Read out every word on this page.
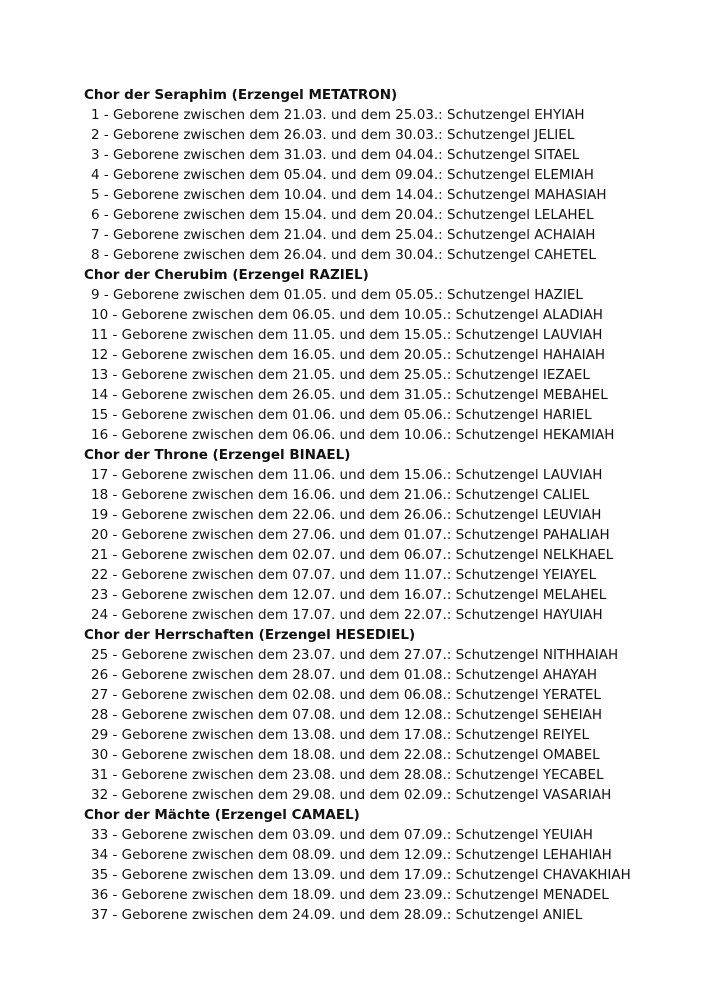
Chor der Seraphim (Erzengel METATRON)
1 - Geborene zwischen dem 21.03. und dem 25.03.: Schutzengel EHYIAH
2 - Geborene zwischen dem 26.03. und dem 30.03.: Schutzengel JELIEL
3 - Geborene zwischen dem 31.03. und dem 04.04.: Schutzengel SITAEL
4 - Geborene zwischen dem 05.04. und dem 09.04.: Schutzengel ELEMIAH
5 - Geborene zwischen dem 10.04. und dem 14.04.: Schutzengel MAHASIAH
6 - Geborene zwischen dem 15.04. und dem 20.04.: Schutzengel LELAHEL
7 - Geborene zwischen dem 21.04. und dem 25.04.: Schutzengel ACHAIAH
8 - Geborene zwischen dem 26.04. und dem 30.04.: Schutzengel CAHETEL
Chor der Cherubim (Erzengel RAZIEL)
9 - Geborene zwischen dem 01.05. und dem 05.05.: Schutzengel HAZIEL
10 - Geborene zwischen dem 06.05. und dem 10.05.: Schutzengel ALADIAH
11 - Geborene zwischen dem 11.05. und dem 15.05.: Schutzengel LAUVIAH
12 - Geborene zwischen dem 16.05. und dem 20.05.: Schutzengel HAHAIAH
13 - Geborene zwischen dem 21.05. und dem 25.05.: Schutzengel IEZAEL
14 - Geborene zwischen dem 26.05. und dem 31.05.: Schutzengel MEBAHEL
15 - Geborene zwischen dem 01.06. und dem 05.06.: Schutzengel HARIEL
16 - Geborene zwischen dem 06.06. und dem 10.06.: Schutzengel HEKAMIAH
Chor der Throne (Erzengel BINAEL)
17 - Geborene zwischen dem 11.06. und dem 15.06.: Schutzengel LAUVIAH
18 - Geborene zwischen dem 16.06. und dem 21.06.: Schutzengel CALIEL
19 - Geborene zwischen dem 22.06. und dem 26.06.: Schutzengel LEUVIAH
20 - Geborene zwischen dem 27.06. und dem 01.07.: Schutzengel PAHALIAH
21 - Geborene zwischen dem 02.07. und dem 06.07.: Schutzengel NELKHAEL
22 - Geborene zwischen dem 07.07. und dem 11.07.: Schutzengel YEIAYEL
23 - Geborene zwischen dem 12.07. und dem 16.07.: Schutzengel MELAHEL
24 - Geborene zwischen dem 17.07. und dem 22.07.: Schutzengel HAYUIAH
Chor der Herrschaften (Erzengel HESEDIEL)
25 - Geborene zwischen dem 23.07. und dem 27.07.: Schutzengel NITHHAIAH
26 - Geborene zwischen dem 28.07. und dem 01.08.: Schutzengel AHAYAH
27 - Geborene zwischen dem 02.08. und dem 06.08.: Schutzengel YERATEL
28 - Geborene zwischen dem 07.08. und dem 12.08.: Schutzengel SEHEIAH
29 - Geborene zwischen dem 13.08. und dem 17.08.: Schutzengel REIYEL
30 - Geborene zwischen dem 18.08. und dem 22.08.: Schutzengel OMABEL
31 - Geborene zwischen dem 23.08. und dem 28.08.: Schutzengel YECABEL
32 - Geborene zwischen dem 29.08. und dem 02.09.: Schutzengel VASARIAH
Chor der Mächte (Erzengel CAMAEL)
33 - Geborene zwischen dem 03.09. und dem 07.09.: Schutzengel YEUIAH
34 - Geborene zwischen dem 08.09. und dem 12.09.: Schutzengel LEHAHIAH
35 - Geborene zwischen dem 13.09. und dem 17.09.: Schutzengel CHAVAKHIAH
36 - Geborene zwischen dem 18.09. und dem 23.09.: Schutzengel MENADEL
37 - Geborene zwischen dem 24.09. und dem 28.09.: Schutzengel ANIEL
